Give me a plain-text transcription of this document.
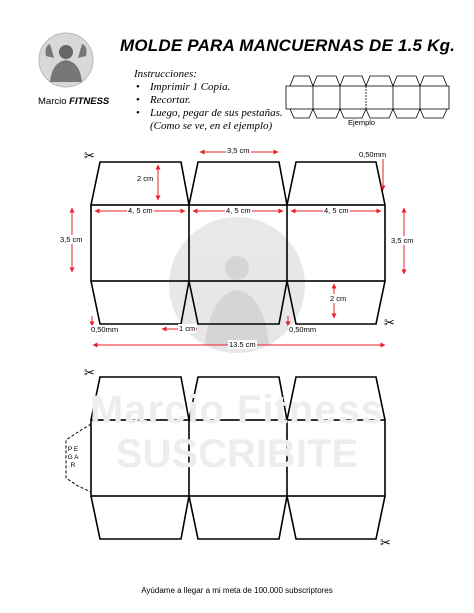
MOLDE PARA MANCUERNAS DE 1.5 Kg.
Marcio FITNESS
Instrucciones:
• Imprimir 1 Copia.
• Recortar.
• Luego, pegar de sus pestañas.
(Como se ve, en el ejemplo)	Ejemplo
Marcio Fitness
SUSCRIBITE
3,5 cm	0,50mm
2 cm
4, 5 cm	4, 5 cm	4, 5 cm
3,5 cm	3,5 cm
2 cm
0,50mm	1 cm	0,50mm
13.5 cm
P E G A R
✂
✂
✂
✂
Ayúdame a llegar a mi meta de 100.000 subscriptores
